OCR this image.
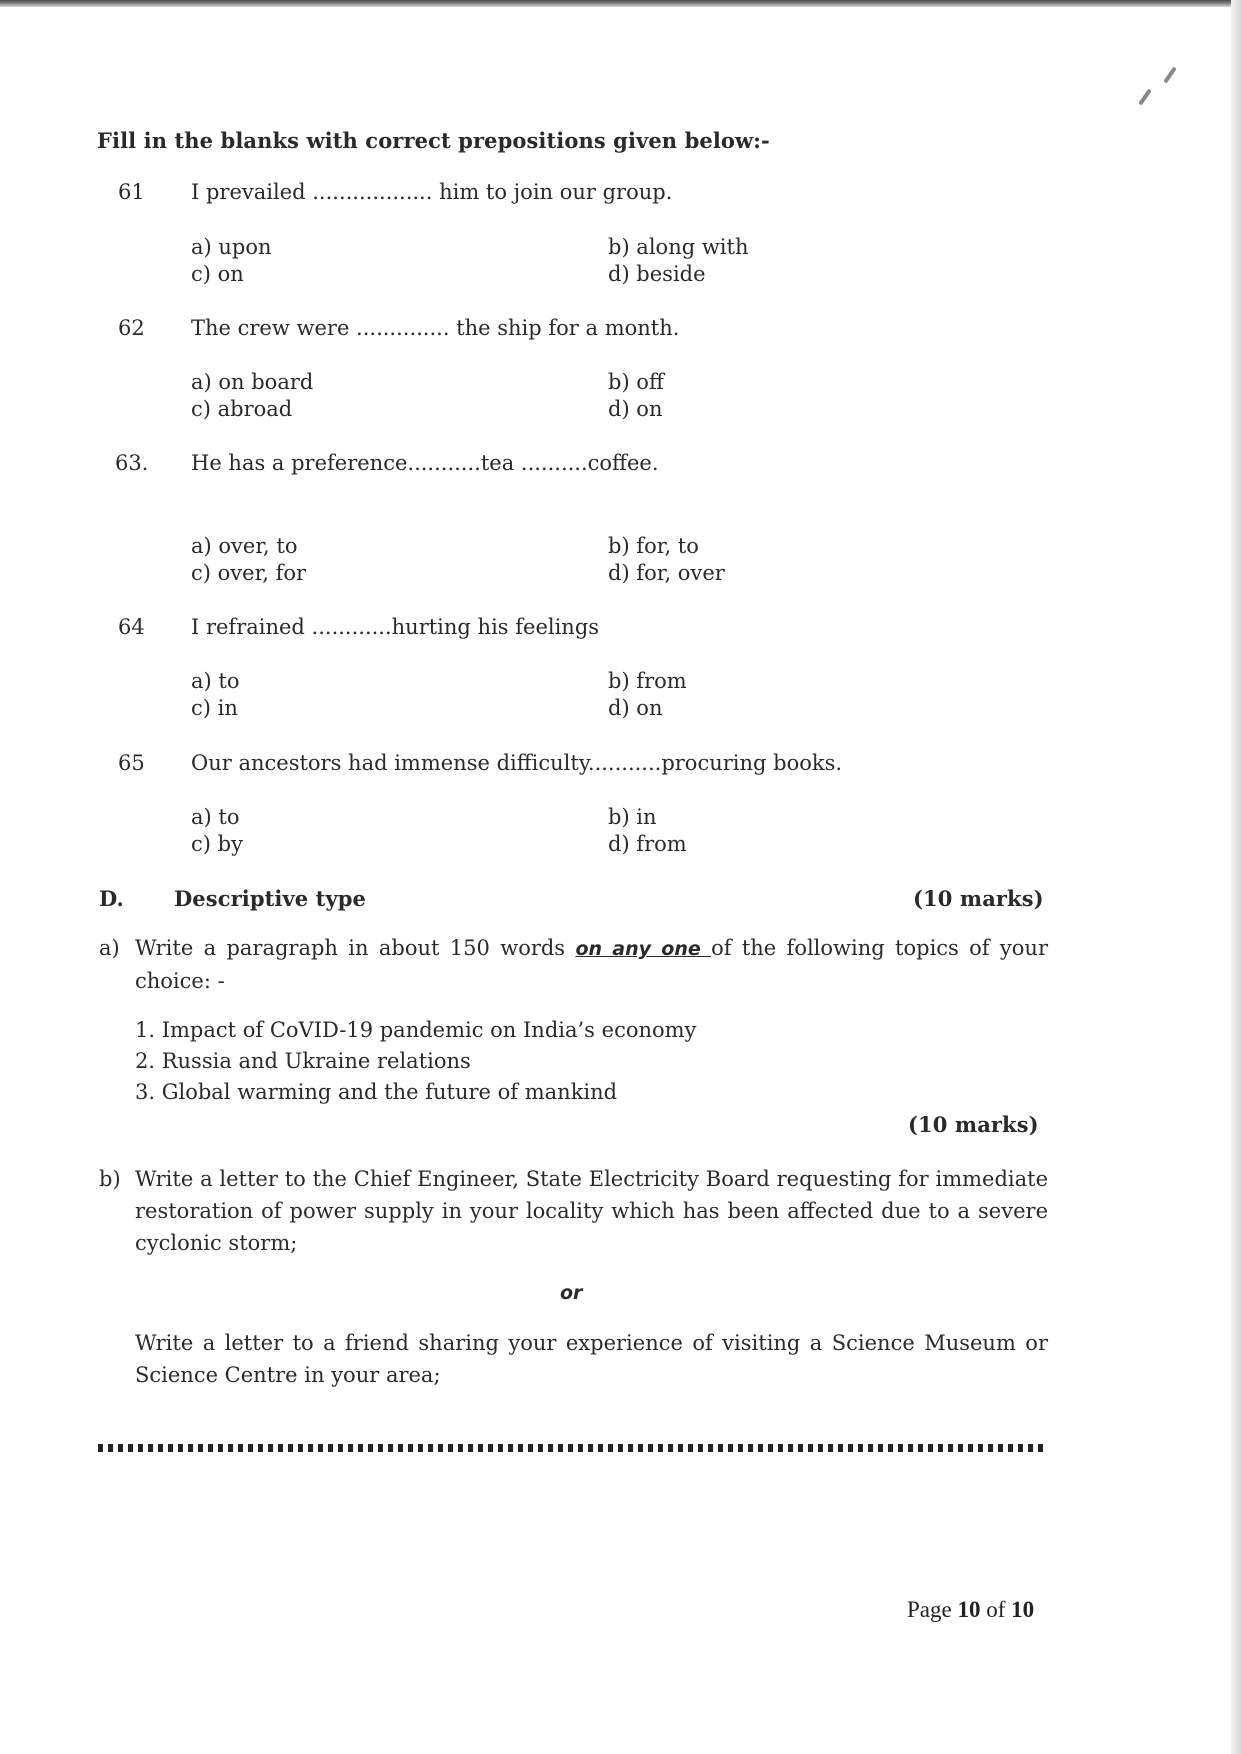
Fill in the blanks with correct prepositions given below:-
61 I prevailed .................. him to join our group.
a) upon	b) along with
c) on	d) beside
62 The crew were .............. the ship for a month.
a) on board	b) off
c) abroad	d) on
63. He has a preference...........tea ..........coffee.
a) over, to	b) for, to
c) over, for	d) for, over
64 I refrained ............hurting his feelings
a) to	b) from
c) in	d) on
65 Our ancestors had immense difficulty...........procuring books.
a) to	b) in
c) by	d) from
D. Descriptive type	(10 marks)
a) Write a paragraph in about 150 words on any one of the following topics of your choice: -
1. Impact of CoVID-19 pandemic on India’s economy
2. Russia and Ukraine relations
3. Global warming and the future of mankind
(10 marks)
b) Write a letter to the Chief Engineer, State Electricity Board requesting for immediate restoration of power supply in your locality which has been affected due to a severe cyclonic storm;
or
Write a letter to a friend sharing your experience of visiting a Science Museum or Science Centre in your area;
Page 10 of 10
